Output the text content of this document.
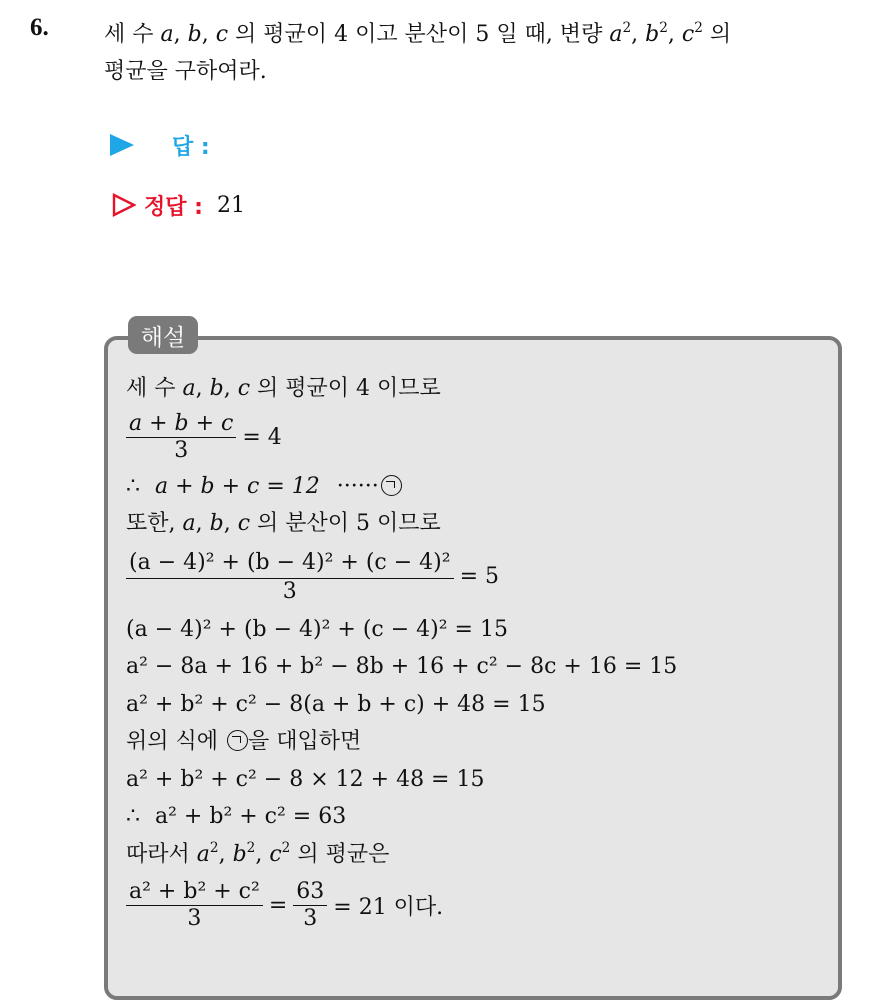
6.	세 수 a, b, c 의 평균이 4 이고 분산이 5 일 때, 변량 $a^2$, $b^2$, $c^2$ 의
평균을 구하여라.
답 :
정답 : 21
해설
세 수 a, b, c 의 평균이 4 이므로
$\frac{a + b + c}{3} = 4$
∴ a + b + c = 12 ······
또한, a, b, c 의 분산이 5 이므로
$\frac{\text{(a − 4)² + (b − 4)² + (c − 4)²}}{3} = 5$
(a − 4)² + (b − 4)² + (c − 4)² = 15
a² − 8a + 16 + b² − 8b + 16 + c² − 8c + 16 = 15
a² + b² + c² − 8(a + b + c) + 48 = 15
위의 식에 을 대입하면
a² + b² + c² − 8 × 12 + 48 = 15
∴ a² + b² + c² = 63
따라서 $a^2$, $b^2$, $c^2$ 의 평균은
$\frac{\text{a² + b² + c²}}{3} = \frac{63}{3} = 21$ 이다.
